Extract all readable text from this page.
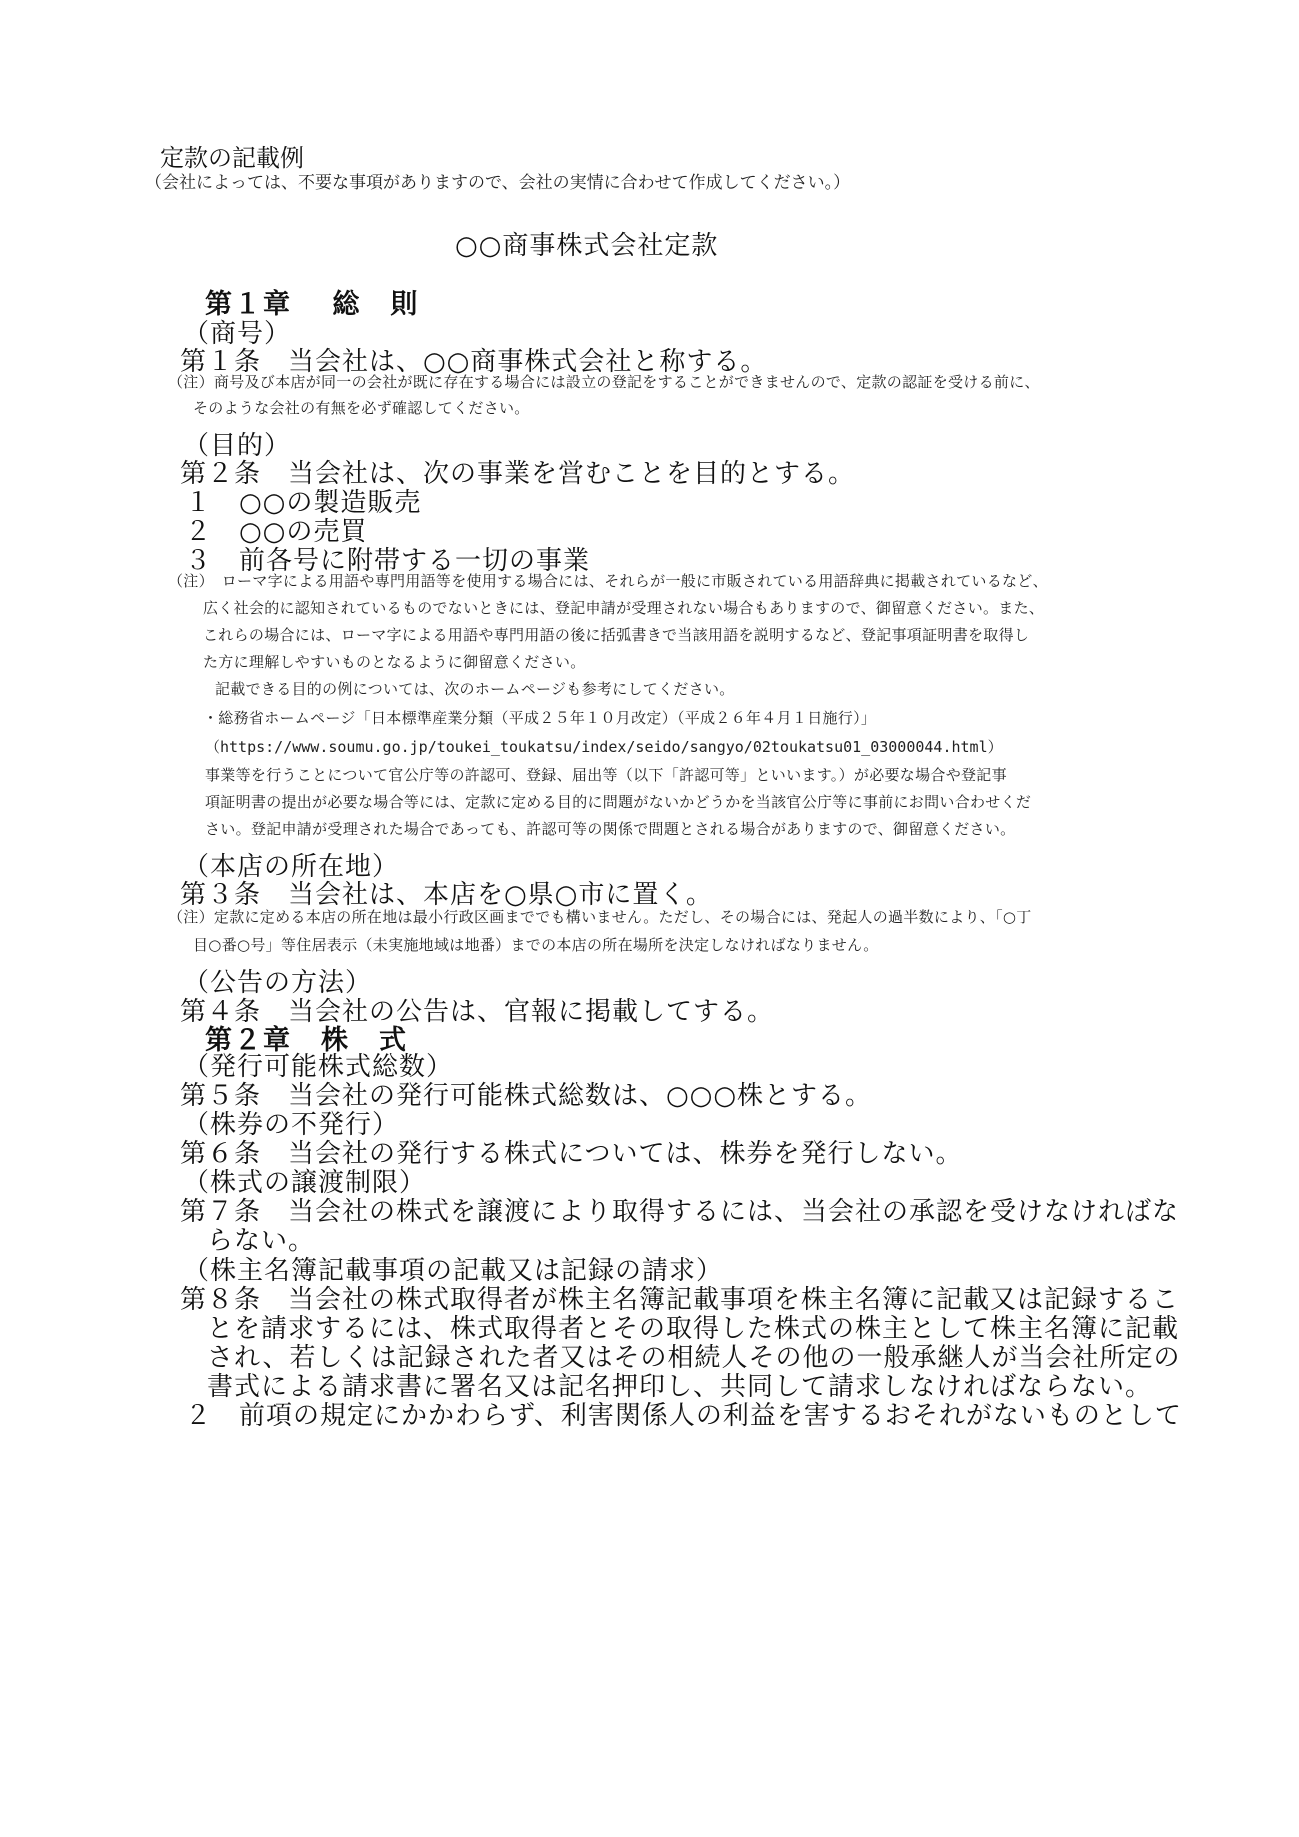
定款の記載例
（会社によっては、不要な事項がありますので、会社の実情に合わせて作成してください。）
○○商事株式会社定款
第１章　 総　則
（商号）
第１条　当会社は、○○商事株式会社と称する。
（注）商号及び本店が同一の会社が既に存在する場合には設立の登記をすることができませんので、定款の認証を受ける前に、
そのような会社の有無を必ず確認してください。
（目的）
第２条　当会社は、次の事業を営むことを目的とする。
１　○○の製造販売
２　○○の売買
３　前各号に附帯する一切の事業
（注）　ローマ字による用語や専門用語等を使用する場合には、それらが一般に市販されている用語辞典に掲載されているなど、
広く社会的に認知されているものでないときには、登記申請が受理されない場合もありますので、御留意ください。また、
これらの場合には、ローマ字による用語や専門用語の後に括弧書きで当該用語を説明するなど、登記事項証明書を取得し
た方に理解しやすいものとなるように御留意ください。
記載できる目的の例については、次のホームページも参考にしてください。
・総務省ホームページ「日本標準産業分類（平成２５年１０月改定）（平成２６年４月１日施行）」
（https://www.soumu.go.jp/toukei_toukatsu/index/seido/sangyo/02toukatsu01_03000044.html）
事業等を行うことについて官公庁等の許認可、登録、届出等（以下「許認可等」といいます。）が必要な場合や登記事
項証明書の提出が必要な場合等には、定款に定める目的に問題がないかどうかを当該官公庁等に事前にお問い合わせくだ
さい。登記申請が受理された場合であっても、許認可等の関係で問題とされる場合がありますので、御留意ください。
（本店の所在地）
第３条　当会社は、本店を○県○市に置く。
（注）定款に定める本店の所在地は最小行政区画まででも構いません。ただし、その場合には、発起人の過半数により、「○丁
目○番○号」等住居表示（未実施地域は地番）までの本店の所在場所を決定しなければなりません。
（公告の方法）
第４条　当会社の公告は、官報に掲載してする。
第２章　株　式
（発行可能株式総数）
第５条　当会社の発行可能株式総数は、○○○株とする。
（株券の不発行）
第６条　当会社の発行する株式については、株券を発行しない。
（株式の譲渡制限）
第７条　当会社の株式を譲渡により取得するには、当会社の承認を受けなければな
らない。
（株主名簿記載事項の記載又は記録の請求）
第８条　当会社の株式取得者が株主名簿記載事項を株主名簿に記載又は記録するこ
とを請求するには、株式取得者とその取得した株式の株主として株主名簿に記載
され、若しくは記録された者又はその相続人その他の一般承継人が当会社所定の
書式による請求書に署名又は記名押印し、共同して請求しなければならない。
２　前項の規定にかかわらず、利害関係人の利益を害するおそれがないものとして
